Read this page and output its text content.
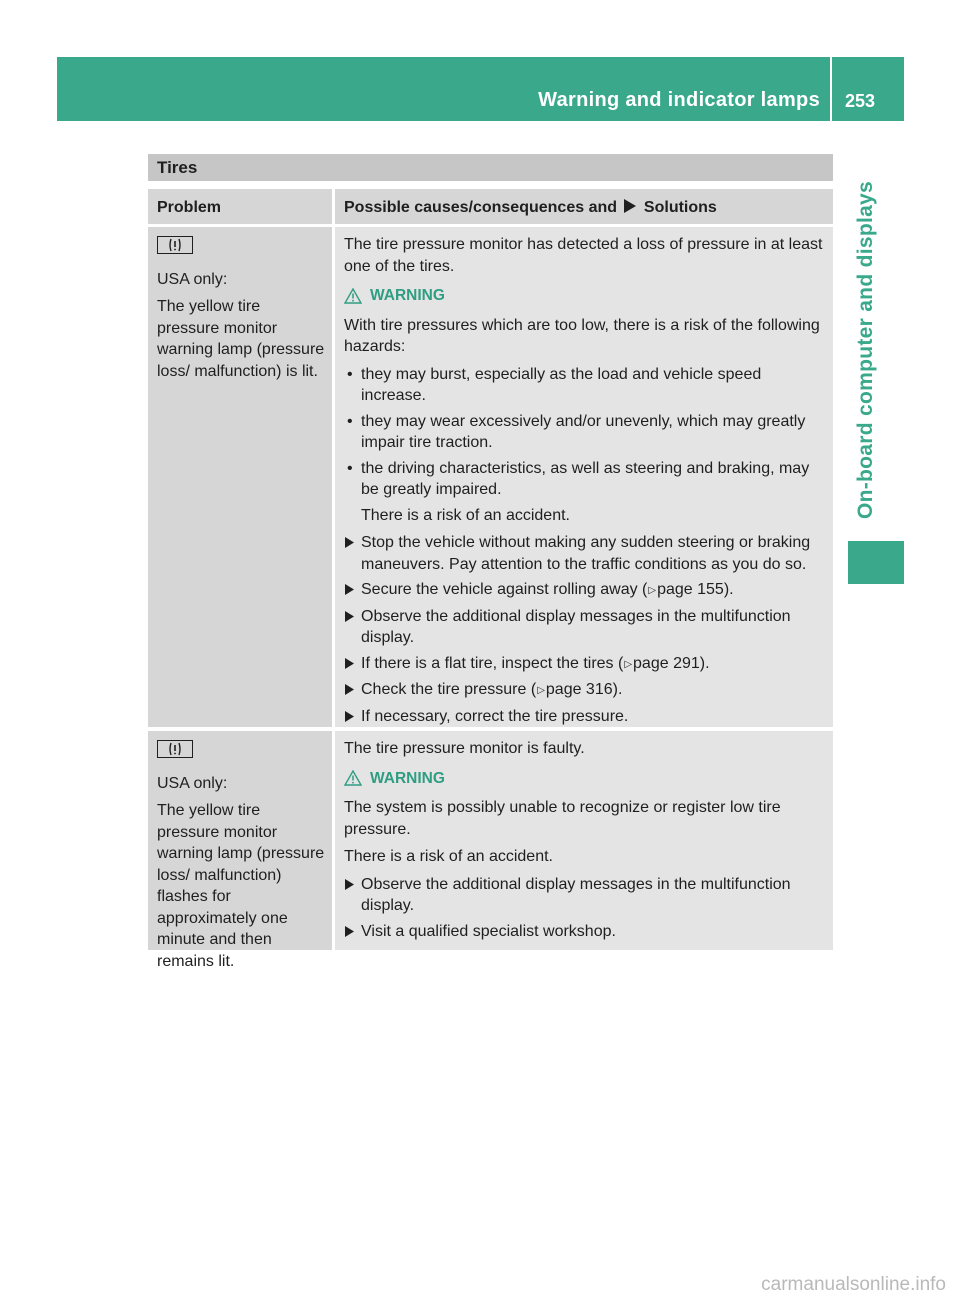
Warning and indicator lamps 253
On-board computer and displays
Tires
Problem	Possible causes/consequences and Solutions
USA only:
The yellow tire pressure monitor warning lamp (pressure loss/ malfunction) is lit.
The tire pressure monitor has detected a loss of pressure in at least one of the tires.
WARNING
With tire pressures which are too low, there is a risk of the following hazards:
• they may burst, especially as the load and vehicle speed increase.
• they may wear excessively and/or unevenly, which may greatly impair tire traction.
• the driving characteristics, as well as steering and braking, may be greatly impaired.
There is a risk of an accident.
Stop the vehicle without making any sudden steering or braking maneuvers. Pay attention to the traffic conditions as you do so.
Secure the vehicle against rolling away (▷page 155).
Observe the additional display messages in the multifunction display.
If there is a flat tire, inspect the tires (▷page 291).
Check the tire pressure (▷page 316).
If necessary, correct the tire pressure.
USA only:
The yellow tire pressure monitor warning lamp (pressure loss/ malfunction) flashes for approximately one minute and then remains lit.
The tire pressure monitor is faulty.
WARNING
The system is possibly unable to recognize or register low tire pressure.
There is a risk of an accident.
Observe the additional display messages in the multifunction display.
Visit a qualified specialist workshop.
carmanualsonline.info
